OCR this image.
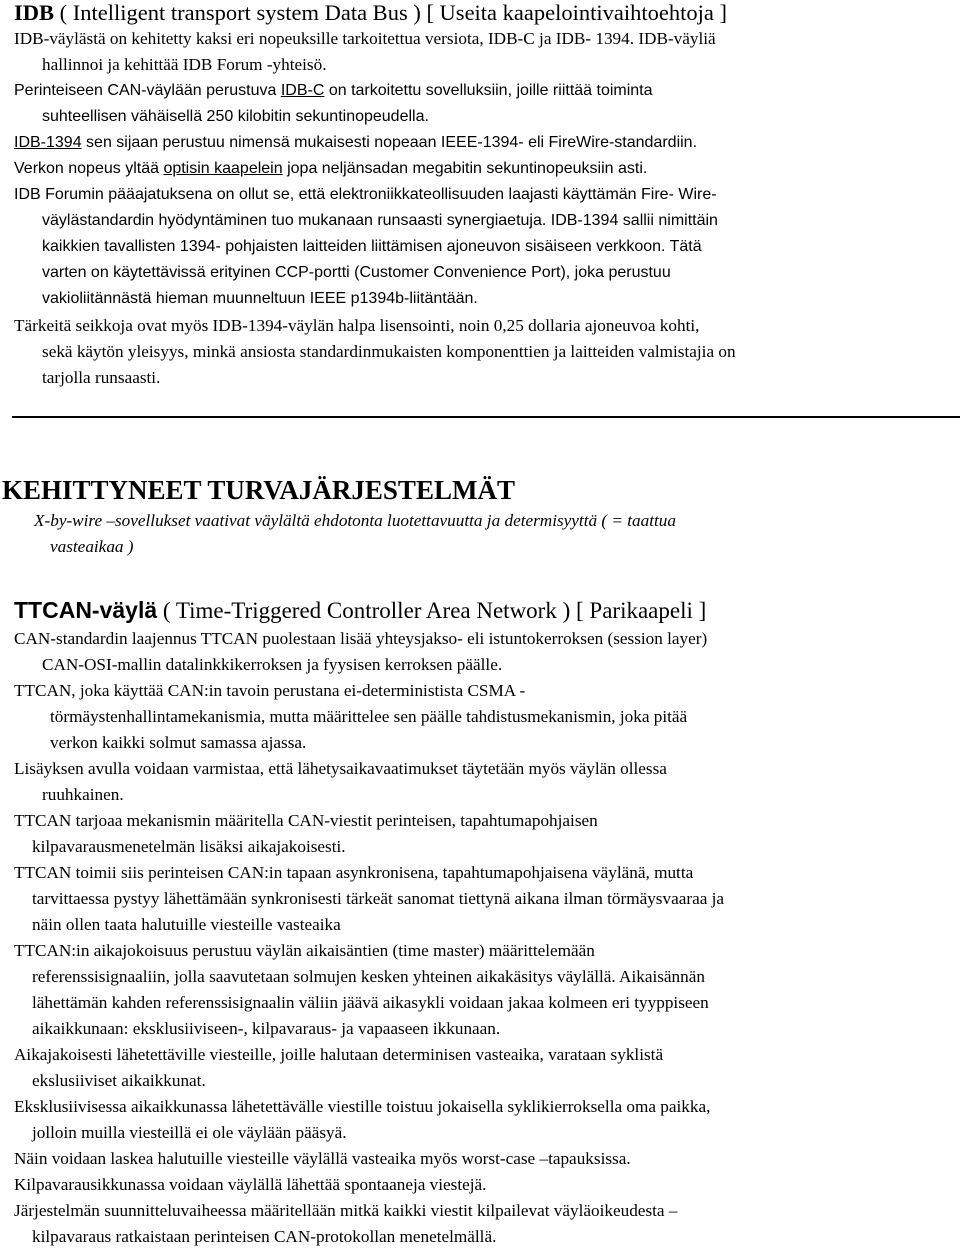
IDB ( Intelligent transport system Data Bus ) [ Useita kaapelointivaihtoehtoja ]
IDB-väylästä on kehitetty kaksi eri nopeuksille tarkoitettua versiota, IDB-C ja IDB- 1394. IDB-väyliä
hallinnoi ja kehittää IDB Forum -yhteisö.
Perinteiseen CAN-väylään perustuva IDB-C on tarkoitettu sovelluksiin, joille riittää toiminta
suhteellisen vähäisellä 250 kilobitin sekuntinopeudella.
IDB-1394 sen sijaan perustuu nimensä mukaisesti nopeaan IEEE-1394- eli FireWire-standardiin.
Verkon nopeus yltää optisin kaapelein jopa neljänsadan megabitin sekuntinopeuksiin asti.
IDB Forumin pääajatuksena on ollut se, että elektroniikkateollisuuden laajasti käyttämän Fire- Wire-
väylästandardin hyödyntäminen tuo mukanaan runsaasti synergiaetuja. IDB-1394 sallii nimittäin
kaikkien tavallisten 1394- pohjaisten laitteiden liittämisen ajoneuvon sisäiseen verkkoon. Tätä
varten on käytettävissä erityinen CCP-portti (Customer Convenience Port), joka perustuu
vakioliitännästä hieman muunneltuun IEEE p1394b-liitäntään.
Tärkeitä seikkoja ovat myös IDB-1394-väylän halpa lisensointi, noin 0,25 dollaria ajoneuvoa kohti,
sekä käytön yleisyys, minkä ansiosta standardinmukaisten komponenttien ja laitteiden valmistajia on
tarjolla runsaasti.
KEHITTYNEET TURVAJÄRJESTELMÄT
X-by-wire –sovellukset vaativat väylältä ehdotonta luotettavuutta ja determisyyttä ( = taattua
vasteaikaa )
TTCAN-väylä ( Time-Triggered Controller Area Network ) [ Parikaapeli ]
CAN-standardin laajennus TTCAN puolestaan lisää yhteysjakso- eli istuntokerroksen (session layer)
CAN-OSI-mallin datalinkkikerroksen ja fyysisen kerroksen päälle.
TTCAN, joka käyttää CAN:in tavoin perustana ei-deterministista CSMA -
törmäystenhallintamekanismia, mutta määrittelee sen päälle tahdistusmekanismin, joka pitää
verkon kaikki solmut samassa ajassa.
Lisäyksen avulla voidaan varmistaa, että lähetysaikavaatimukset täytetään myös väylän ollessa
ruuhkainen.
TTCAN tarjoaa mekanismin määritella CAN-viestit perinteisen, tapahtumapohjaisen
kilpavarausmenetelmän lisäksi aikajakoisesti.
TTCAN toimii siis perinteisen CAN:in tapaan asynkronisena, tapahtumapohjaisena väylänä, mutta
tarvittaessa pystyy lähettämään synkronisesti tärkeät sanomat tiettynä aikana ilman törmäysvaaraa ja
näin ollen taata halutuille viesteille vasteaika
TTCAN:in aikajokoisuus perustuu väylän aikaisäntien (time master) määrittelemään
referenssisignaaliin, jolla saavutetaan solmujen kesken yhteinen aikakäsitys väylällä. Aikaisännän
lähettämän kahden referenssisignaalin väliin jäävä aikasykli voidaan jakaa kolmeen eri tyyppiseen
aikaikkunaan: eksklusiiviseen-, kilpavaraus- ja vapaaseen ikkunaan.
Aikajakoisesti lähetettäville viesteille, joille halutaan determinisen vasteaika, varataan syklistä
ekslusiiviset aikaikkunat.
Eksklusiivisessa aikaikkunassa lähetettävälle viestille toistuu jokaisella syklikierroksella oma paikka,
jolloin muilla viesteillä ei ole väylään pääsyä.
Näin voidaan laskea halutuille viesteille väylällä vasteaika myös worst-case –tapauksissa.
Kilpavarausikkunassa voidaan väylällä lähettää spontaaneja viestejä.
Järjestelmän suunnitteluvaiheessa määritellään mitkä kaikki viestit kilpailevat väyläoikeudesta –
kilpavaraus ratkaistaan perinteisen CAN-protokollan menetelmällä.
